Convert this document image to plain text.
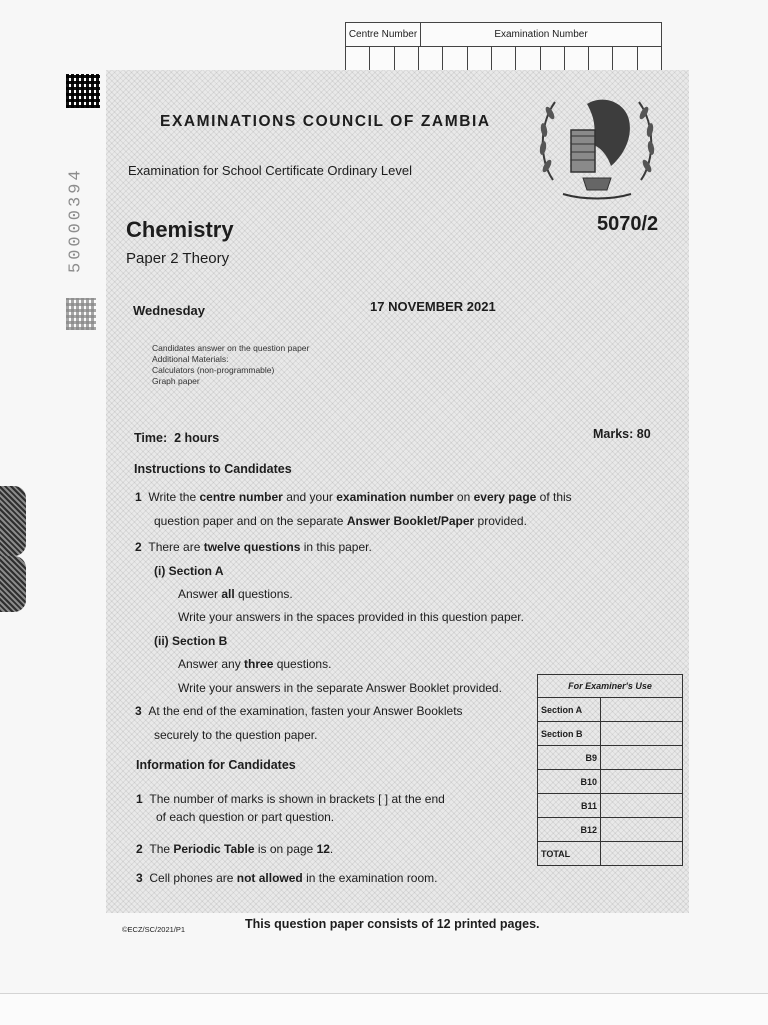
50000394
Centre Number	Examination Number
EXAMINATIONS COUNCIL OF ZAMBIA
Examination for School Certificate Ordinary Level
Chemistry	5070/2
Paper 2 Theory
Wednesday	17 NOVEMBER 2021
Candidates answer on the question paper
Additional Materials:
Calculators (non-programmable)
Graph paper
Time: 2 hours	Marks: 80
Instructions to Candidates
1 Write the centre number and your examination number on every page of this
question paper and on the separate Answer Booklet/Paper provided.
2 There are twelve questions in this paper.
(i) Section A
Answer all questions.
Write your answers in the spaces provided in this question paper.
(ii) Section B
Answer any three questions.
Write your answers in the separate Answer Booklet provided.
3 At the end of the examination, fasten your Answer Booklets
securely to the question paper.
Information for Candidates
1 The number of marks is shown in brackets [ ] at the end
of each question or part question.
2 The Periodic Table is on page 12.
3 Cell phones are not allowed in the examination room.
For Examiner's Use	
Section A	
Section B	
B9	
B10	
B11	
B12	
TOTAL	
©ECZ/SC/2021/P1	This question paper consists of 12 printed pages.
